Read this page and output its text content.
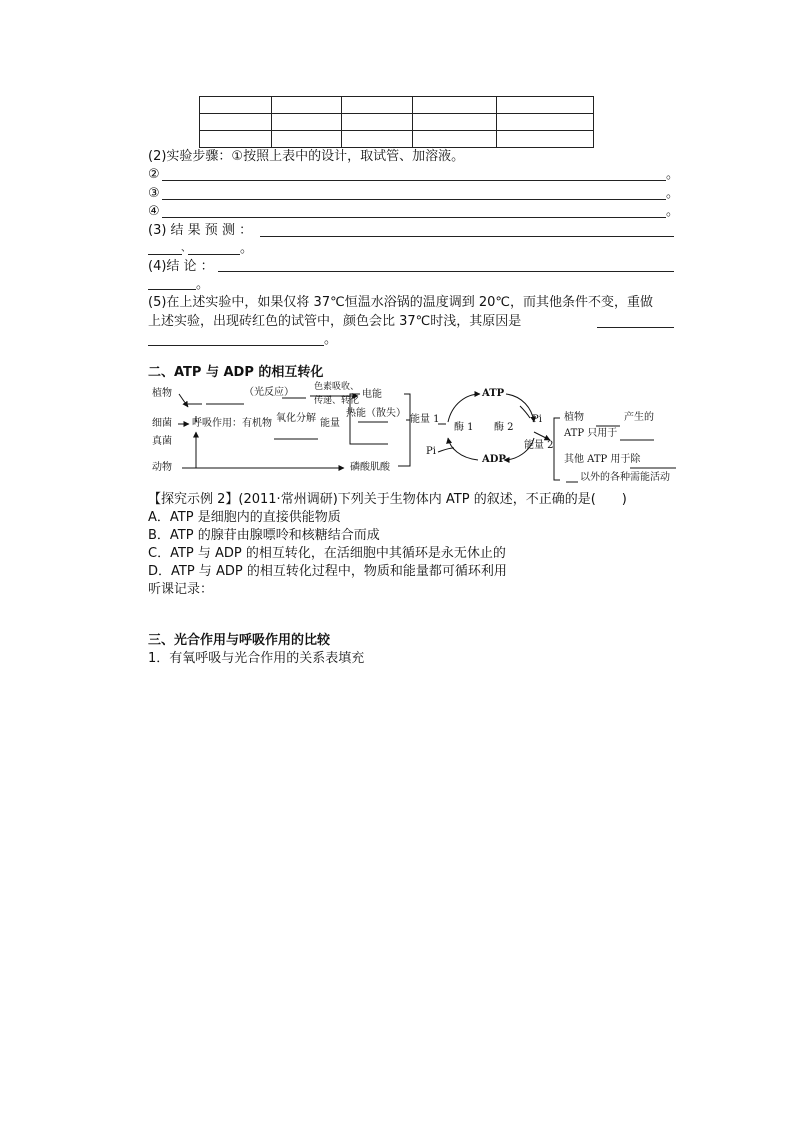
(2)实验步骤：①按照上表中的设计，取试管、加溶液。
②	。
③	。
④	。
(3) 结 果 预 测 ：
、	。
(4)结 论 ：
。
(5)在上述实验中，如果仅将 37℃恒温水浴锅的温度调到 20℃，而其他条件不变，重做
上述实验，出现砖红色的试管中，颜色会比 37℃时浅，其原因是
。
二、ATP 与 ADP 的相互转化
植物
细菌
真菌
动物
（光反应） 色素吸收、
传递、转化
电能
呼吸作用：有机物 氧化分解 能量
热能（散失）
磷酸肌酸
能量 1
ATP
ADP
Pi
Pi
酶 1 酶 2
能量 2
植物	产生的
ATP 只用于
其他 ATP 用于除
以外的各种需能活动
【探究示例 2】(2011·常州调研)下列关于生物体内 ATP 的叙述，不正确的是(　　)
A．ATP 是细胞内的直接供能物质
B．ATP 的腺苷由腺嘌呤和核糖结合而成
C．ATP 与 ADP 的相互转化，在活细胞中其循环是永无休止的
D．ATP 与 ADP 的相互转化过程中，物质和能量都可循环利用
听课记录：
三、光合作用与呼吸作用的比较
1．有氧呼吸与光合作用的关系表填充
